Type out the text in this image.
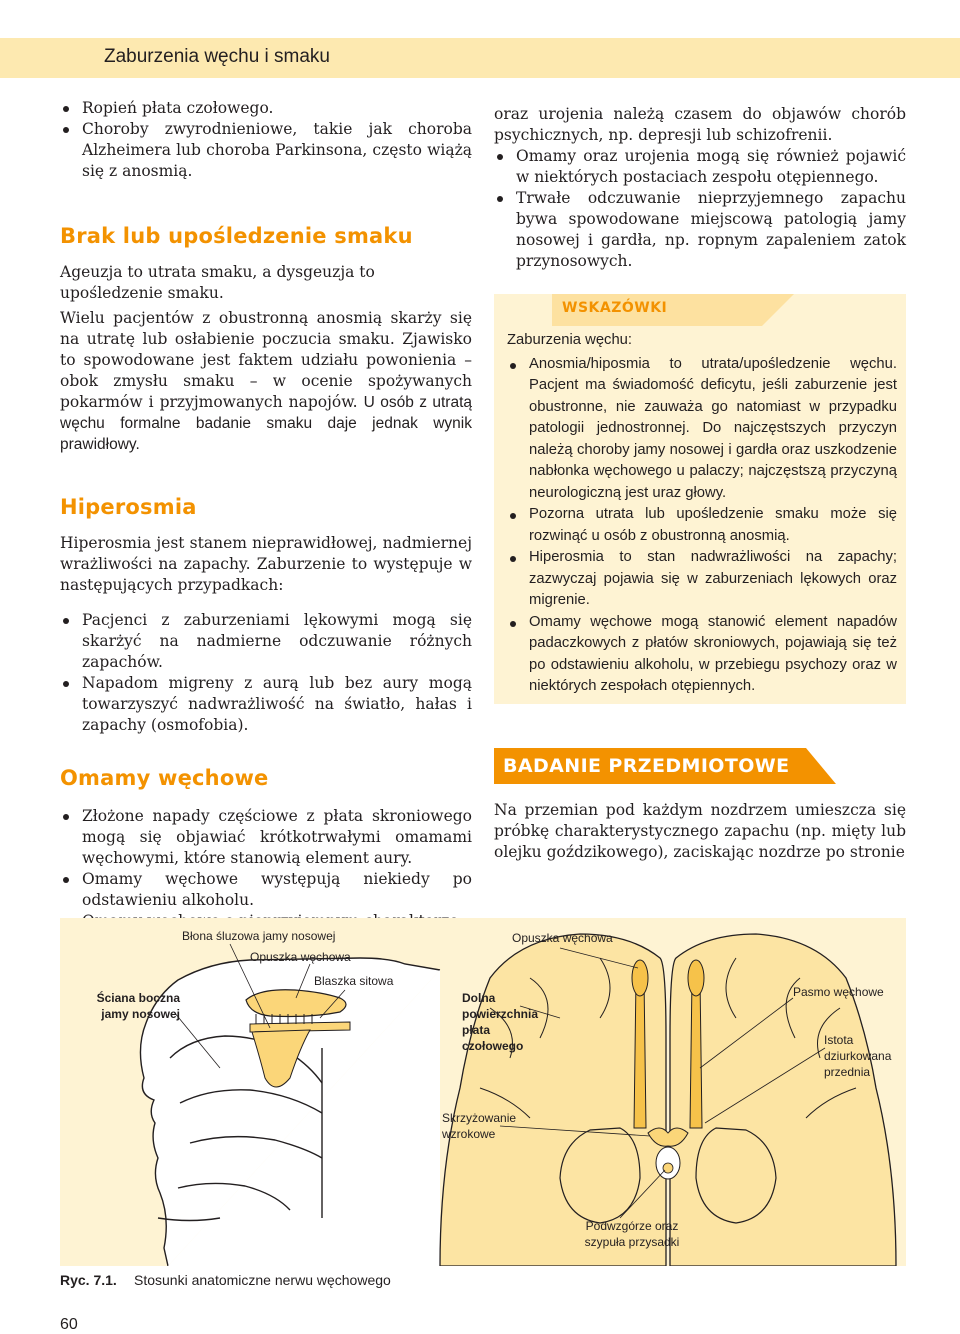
Zaburzenia węchu i smaku
Ropień płata czołowego.
Choroby zwyrodnieniowe, takie jak choroba Alzheimera lub choroba Parkinsona, często wiążą się z anosmią.
Brak lub upośledzenie smaku

Ageuzja to utrata smaku, a dysgeuzja to upośledzenie smaku.

Wielu pacjentów z obustronną anosmią skarży się na utratę lub osłabienie poczucia smaku. Zjawisko to spowodowane jest faktem udziału powonienia – obok zmysłu smaku – w ocenie spożywanych pokarmów i przyjmowanych napojów. U osób z utratą węchu formalne badanie smaku daje jednak wynik prawidłowy.

Hiperosmia

Hiperosmia jest stanem nieprawidłowej, nadmiernej wrażliwości na zapachy. Zaburzenie to występuje w następujących przypadkach:

Pacjenci z zaburzeniami lękowymi mogą się skarżyć na nadmierne odczuwanie różnych zapachów.
Napadom migreny z aurą lub bez aury mogą towarzyszyć nadwrażliwość na światło, hałas i zapachy (osmofobia).
Omamy węchowe
Złożone napady częściowe z płata skroniowego mogą się objawiać krótkotrwałymi omamami węchowymi, które stanowią element aury.
Omamy węchowe występują niekiedy po odstawieniu alkoholu.

oraz urojenia należą czasem do objawów chorób psychicznych, np. depresji lub schizofrenii.

Omamy oraz urojenia mogą się również pojawić w niektórych postaciach zespołu otępiennego.
Trwałe odczuwanie nieprzyjemnego zapachu bywa spowodowane miejscową patologią jamy nosowej i gardła, np. ropnym zapaleniem zatok przynosowych.
WSKAZÓWKI

Zaburzenia węchu:

Anosmia/hiposmia to utrata/upośledzenie węchu. Pacjent ma świadomość deficytu, jeśli zaburzenie jest obustronne, nie zauważa go natomiast w przypadku patologii jednostronnej. Do najczęstszych przyczyn należą choroby jamy nosowej i gardła oraz uszkodzenie nabłonka węchowego u palaczy; najczęstszą przyczyną neurologiczną jest uraz głowy.
Pozorna utrata lub upośledzenie smaku może się rozwinąć u osób z obustronną anosmią.
Hiperosmia to stan nadwrażliwości na zapachy; zazwyczaj pojawia się w zaburzeniach lękowych oraz migrenie.
Omamy węchowe mogą stanowić element napadów padaczkowych z płatów skroniowych, pojawiają się też po odstawieniu alkoholu, w przebiegu psychozy oraz w niektórych zespołach otępiennych.
BADANIE PRZEDMIOTOWE

Na przemian pod każdym nozdrzem umieszcza się próbkę charakterystycznego zapachu (np. mięty lub olejku goździkowego), zaciskając nozdrze po stronie

Błona śluzowa jamy nosowej
Opuszka węchowa
Blaszka sitowa
Ściana boczna jamy nosowej
Opuszka węchowa
Dolna powierzchnia płata czołowego
Pasmo węchowe
Istota dziurkowana przednia
Skrzyżowanie wzrokowe
Podwzgórze oraz szypuła przysadki
Ryc. 7.1. Stosunki anatomiczne nerwu węchowego
60
